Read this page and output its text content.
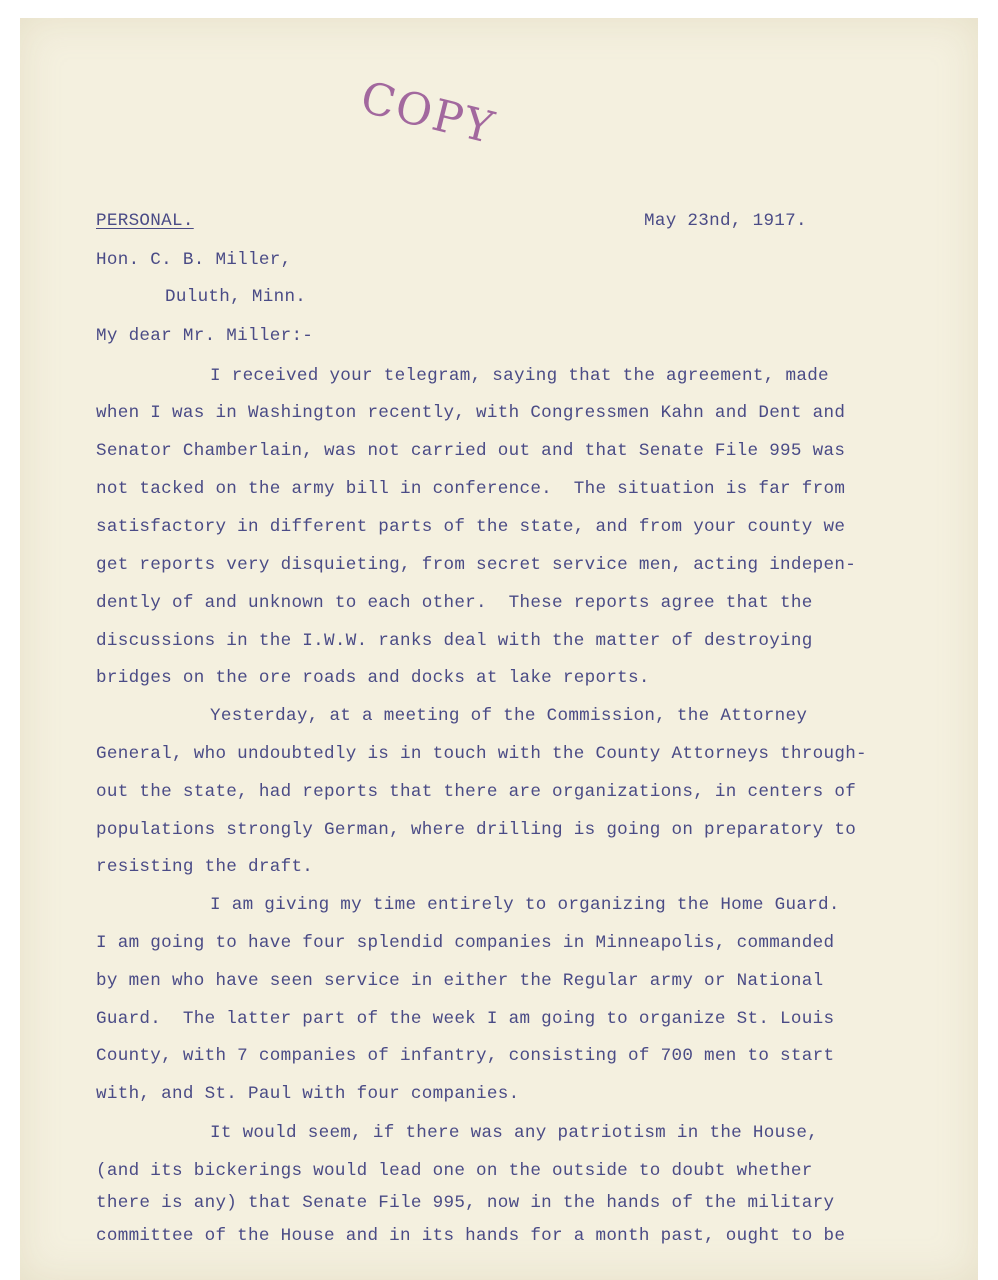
COPY
PERSONAL.	May 23nd, 1917.
Hon. C. B. Miller,
Duluth, Minn.
My dear Mr. Miller:-
I received your telegram, saying that the agreement, made
when I was in Washington recently, with Congressmen Kahn and Dent and
Senator Chamberlain, was not carried out and that Senate File 995 was
not tacked on the army bill in conference.  The situation is far from
satisfactory in different parts of the state, and from your county we
get reports very disquieting, from secret service men, acting indepen-
dently of and unknown to each other.  These reports agree that the
discussions in the I.W.W. ranks deal with the matter of destroying
bridges on the ore roads and docks at lake reports.
Yesterday, at a meeting of the Commission, the Attorney
General, who undoubtedly is in touch with the County Attorneys through-
out the state, had reports that there are organizations, in centers of
populations strongly German, where drilling is going on preparatory to
resisting the draft.
I am giving my time entirely to organizing the Home Guard.
I am going to have four splendid companies in Minneapolis, commanded
by men who have seen service in either the Regular army or National
Guard.  The latter part of the week I am going to organize St. Louis
County, with 7 companies of infantry, consisting of 700 men to start
with, and St. Paul with four companies.
It would seem, if there was any patriotism in the House,
(and its bickerings would lead one on the outside to doubt whether
there is any) that Senate File 995, now in the hands of the military
committee of the House and in its hands for a month past, ought to be
